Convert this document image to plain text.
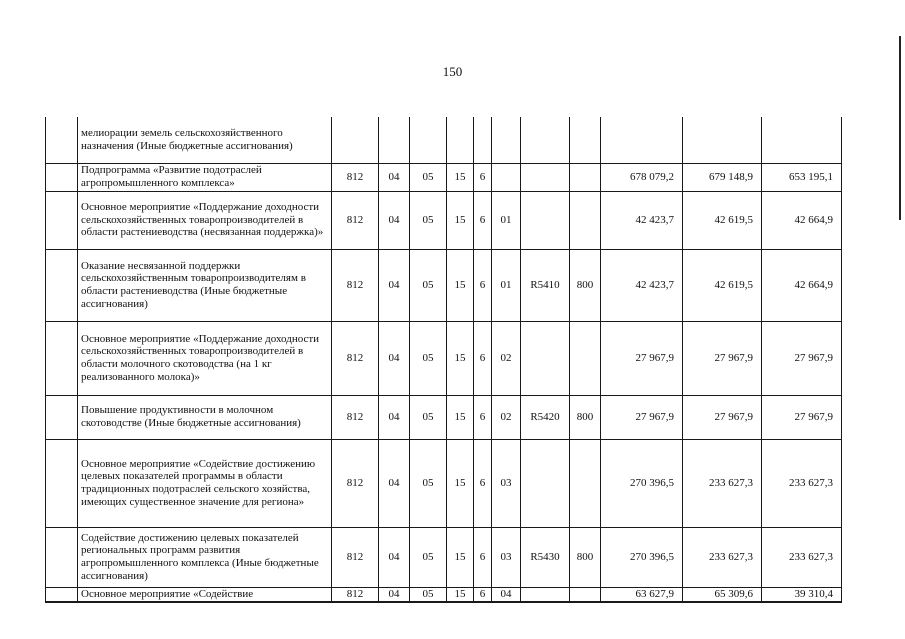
150
	мелиорации земель сельскохозяйственного назначения (Иные бюджетные ассигнования)											
	Подпрограмма «Развитие подотраслей агропромышленного комплекса»	812	04	05	15	6				678 079,2	679 148,9	653 195,1
	Основное мероприятие «Поддержание доходности сельскохозяйственных товаропроизводителей в области растениеводства (несвязанная поддержка)»	812	04	05	15	6	01			42 423,7	42 619,5	42 664,9
	Оказание несвязанной поддержки сельскохозяйственным товаропроизводителям в области растениеводства (Иные бюджетные ассигнования)	812	04	05	15	6	01	R5410	800	42 423,7	42 619,5	42 664,9
	Основное мероприятие «Поддержание доходности сельскохозяйственных товаропроизводителей в области молочного скотоводства (на 1 кг реализованного молока)»	812	04	05	15	6	02			27 967,9	27 967,9	27 967,9
	Повышение продуктивности в молочном скотоводстве (Иные бюджетные ассигнования)	812	04	05	15	6	02	R5420	800	27 967,9	27 967,9	27 967,9
	Основное мероприятие «Содействие достижению целевых показателей программы в области традиционных подотраслей сельского хозяйства, имеющих существенное значение для региона»	812	04	05	15	6	03			270 396,5	233 627,3	233 627,3
	Содействие достижению целевых показателей региональных программ развития агропромышленного комплекса (Иные бюджетные ассигнования)	812	04	05	15	6	03	R5430	800	270 396,5	233 627,3	233 627,3
	Основное мероприятие «Содействие	812	04	05	15	6	04			63 627,9	65 309,6	39 310,4
